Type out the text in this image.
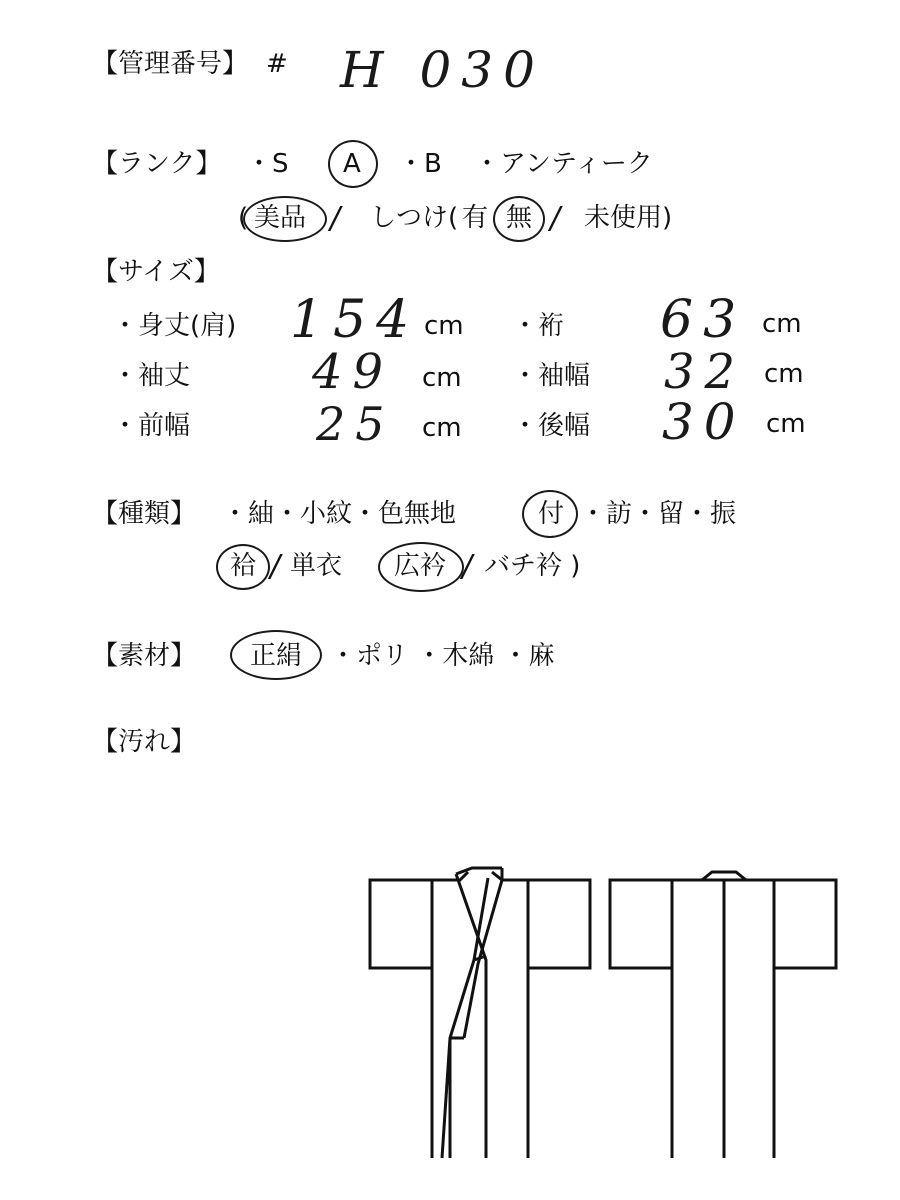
【管理番号】 # H 030
【ランク】 ・S A ・B ・アンティーク
( 美品 / しつけ ( 有 無 / 未使用)
【サイズ】
・身丈(肩) 154 cm ・裄 63 cm
・袖丈	49 cm ・袖幅 32 cm
・前幅	25 cm ・後幅 30 cm
【種類】 ・紬・小紋・色無地	付 ・訪・留・振
袷 / 単衣 広衿 / バチ衿 )
【素材】 正絹 ・ポリ ・木綿 ・麻
【汚れ】
